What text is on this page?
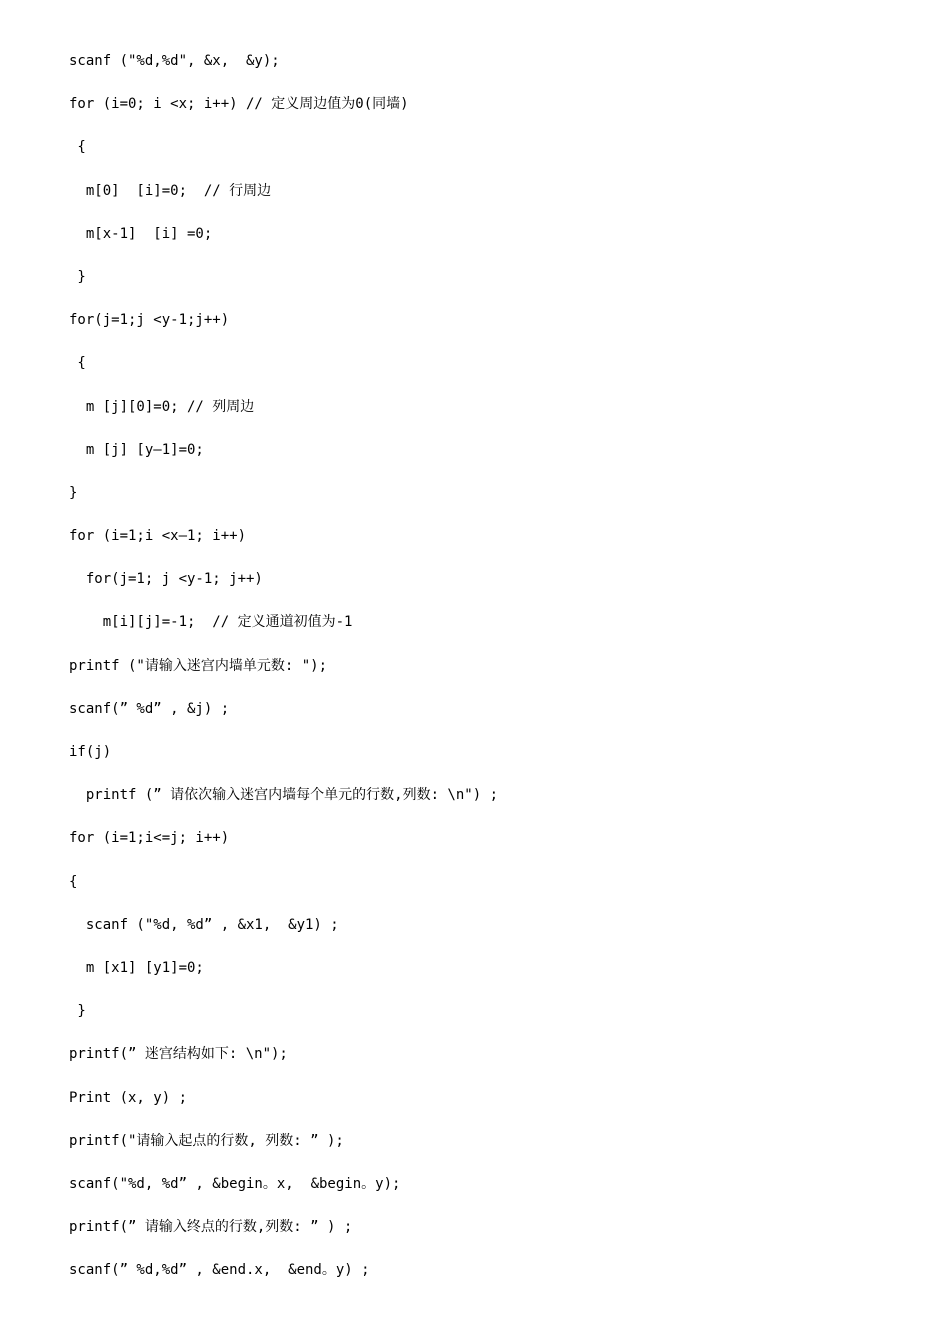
scanf ("%d,%d", &x,  &y);
for (i=0; i <x; i++) // 定义周边值为0(同墙)
{
m[0]  [i]=0;  // 行周边
m[x-1]  [i] =0;
}
for(j=1;j <y-1;j++)
{
m [j][0]=0; // 列周边
m [j] [y—1]=0;
}
for (i=1;i <x—1; i++)
for(j=1; j <y-1; j++)
m[i][j]=-1;  // 定义通道初值为-1
printf ("请输入迷宫内墙单元数: ");
scanf(” %d” , &j) ;
if(j)
printf (” 请依次输入迷宫内墙每个单元的行数,列数: \n") ;
for (i=1;i<=j; i++)
{
scanf ("%d, %d” , &x1,  &y1) ;
m [x1] [y1]=0;
}
printf(” 迷宫结构如下: \n");
Print (x, y) ;
printf("请输入起点的行数, 列数: ” );
scanf("%d, %d” , &begin。x,  &begin。y);
printf(” 请输入终点的行数,列数: ” ) ;
scanf(” %d,%d” , &end.x,  &end。y) ;
